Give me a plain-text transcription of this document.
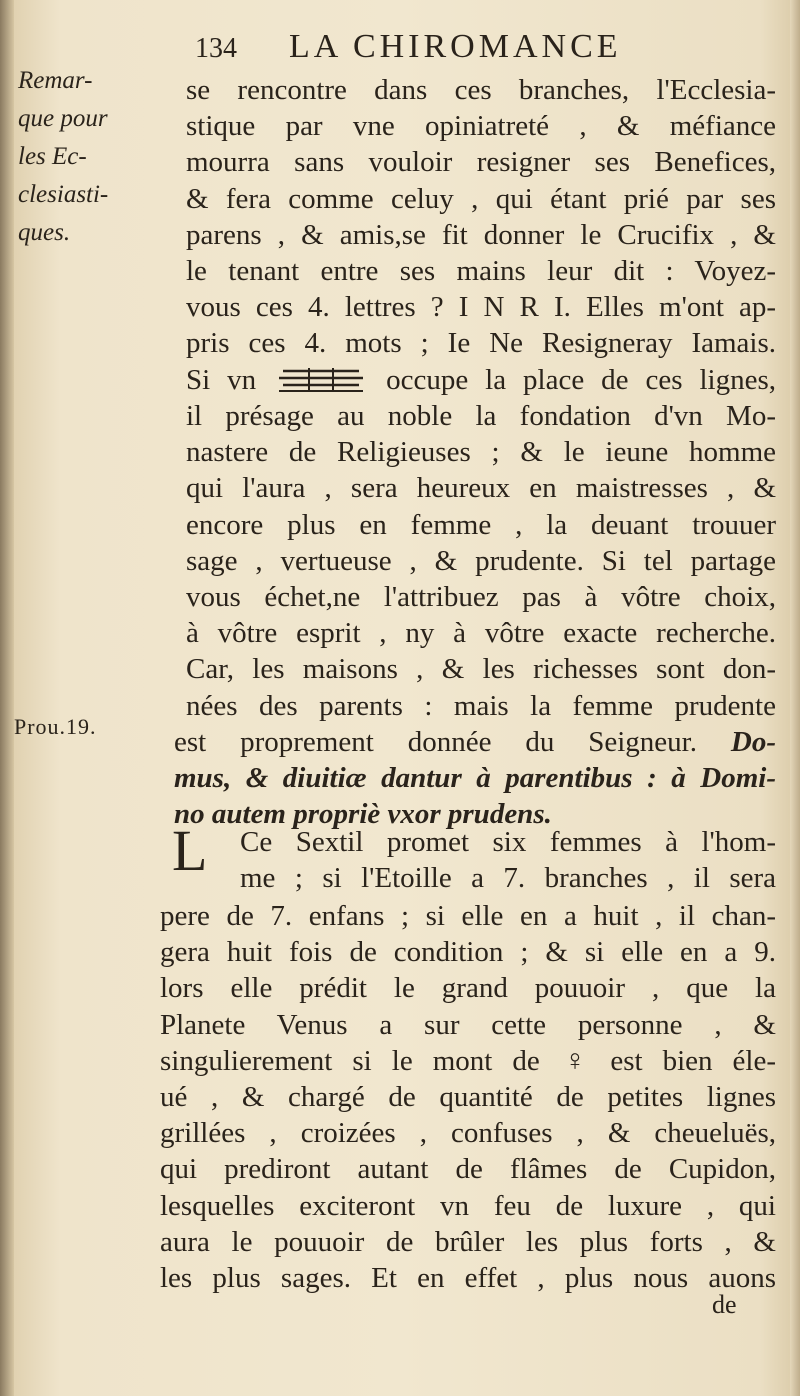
134 LA CHIROMANCE
Remar-
que pour
les Ec-
clesiasti-
ques.
Prou.19.
se rencontre dans ces branches, l'Ecclesia-
stique par vne opiniatreté , & méfiance
mourra sans vouloir resigner ses Benefices,
& fera comme celuy , qui étant prié par ses
parens , & amis,se fit donner le Crucifix , &
le tenant entre ses mains leur dit : Voyez-
vous ces 4. lettres ? I N R I. Elles m'ont ap-
pris ces 4. mots ; Ie Ne Resigneray Iamais.
Si vn	occupe la place de ces lignes,
il présage au noble la fondation d'vn Mo-
nastere de Religieuses ; & le ieune homme
qui l'aura , sera heureux en maistresses , &
encore plus en femme , la deuant trouuer
sage , vertueuse , & prudente. Si tel partage
vous échet,ne l'attribuez pas à vôtre choix,
à vôtre esprit , ny à vôtre exacte recherche.
Car, les maisons , & les richesses sont don-
nées des parents : mais la femme prudente
est proprement donnée du Seigneur. Do-
mus, & diuitiæ dantur à parentibus : à Domi-
no autem propriè vxor prudens.
L Ce Sextil promet six femmes à l'hom-
me ; si l'Etoille a 7. branches , il sera
pere de 7. enfans ; si elle en a huit , il chan-
gera huit fois de condition ; & si elle en a 9.
lors elle prédit le grand pouuoir , que la
Planete Venus a sur cette personne , &
singulierement si le mont de ♀ est bien éle-
ué , & chargé de quantité de petites lignes
grillées , croizées , confuses , & cheueluës,
qui prediront autant de flâmes de Cupidon,
lesquelles exciteront vn feu de luxure , qui
aura le pouuoir de brûler les plus forts , &
les plus sages. Et en effet , plus nous auons
de
